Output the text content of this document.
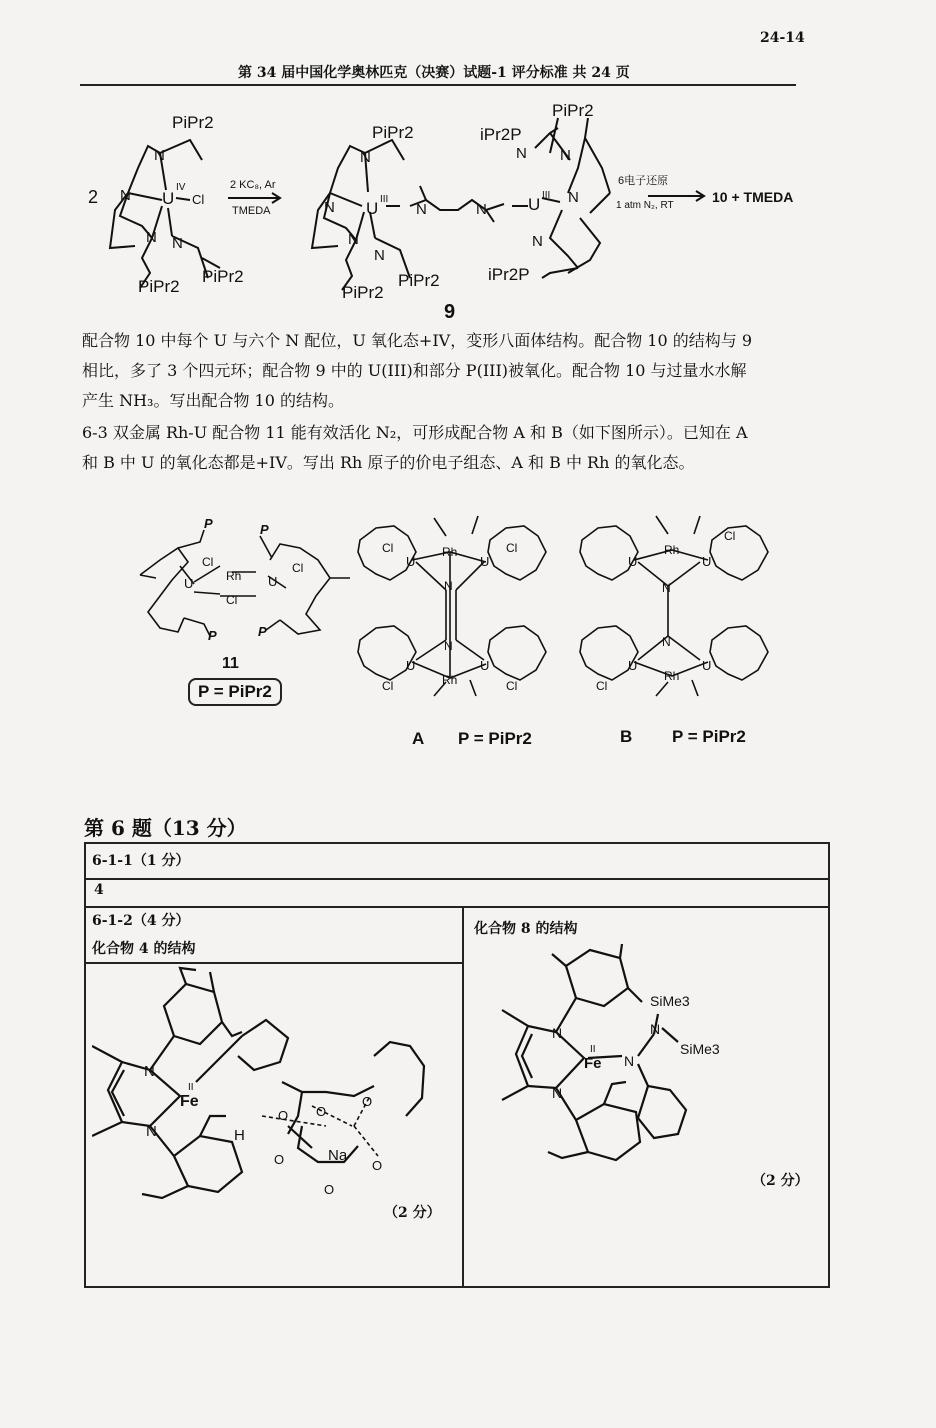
24-14
第 34 届中国化学奥林匹克（决赛）试题-1 评分标准 共 24 页
2
PiPr2
N
N U
IV
Cl
N N
PiPr2
PiPr2
2 KC₈, Ar
TMEDA
PiPr2
N
N U III
N
N
PiPr2
PiPr2
N	N
iPr2P
PiPr2
N N
U III N
N
iPr2P
9
6电子还原
1 atm N₂, RT
10 + TMEDA
配合物 10 中每个 U 与六个 N 配位，U 氧化态+IV，变形八面体结构。配合物 10 的结构与 9
相比，多了 3 个四元环；配合物 9 中的 U(III)和部分 P(III)被氧化。配合物 10 与过量水水解
产生 NH₃。写出配合物 10 的结构。
6-3 双金属 Rh-U 配合物 11 能有效活化 N₂，可形成配合物 A 和 B（如下图所示）。已知在 A
和 B 中 U 的氧化态都是+IV。写出 Rh 原子的价电子组态、A 和 B 中 Rh 的氧化态。
P
Cl
U	Rh
Cl
U
Cl
P
P
P
U
Rh
U
Cl	Cl
N
N
U
Rh
U
Cl	Cl
U
Rh
U
Cl
N
N
U
Rh
U
Cl
11
A P = PiPr2	B P = PiPr2
P = PiPr2
第 6 题（13 分）
6-1-1（1 分）
4
6-1-2（4 分）
化合物 4 的结构
化合物 8 的结构
N
N
Fe
II
H
Na
O O
O
O
O
O
（2 分）
N
N
Fe
II
N
N
SiMe3
SiMe3
（2 分）
